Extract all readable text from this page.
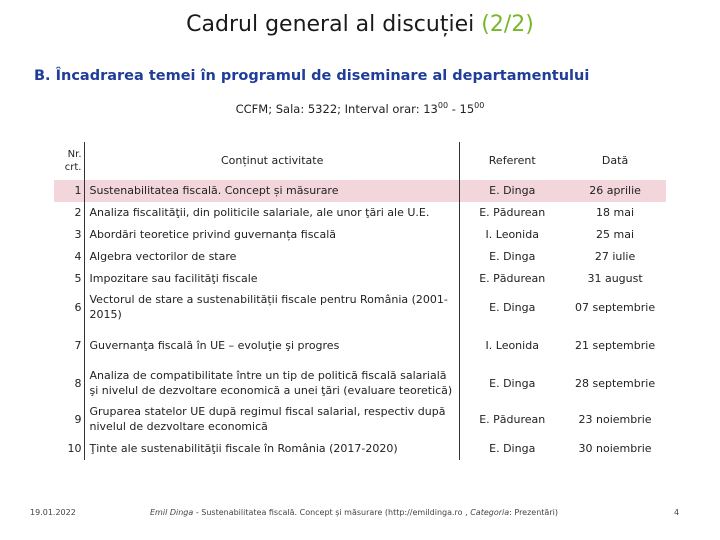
Cadrul general al discuției (2/2)
B. Încadrarea temei în programul de diseminare al departamentului
CCFM; Sala: 5322; Interval orar: $13^{00} - 15^{00}$
Nr. crt.	Conținut activitate	Referent	Dată
1	Sustenabilitatea fiscală. Concept și măsurare	E. Dinga	26 aprilie
2	Analiza fiscalităţii, din politicile salariale, ale unor ţări ale U.E.	E. Pădurean	18 mai
3	Abordări teoretice privind guvernanța fiscală	I. Leonida	25 mai
4	Algebra vectorilor de stare	E. Dinga	27 iulie
5	Impozitare sau facilităţi fiscale	E. Pădurean	31 august
6	Vectorul de stare a sustenabilității fiscale pentru România (2001-2015)	E. Dinga	07 septembrie
7	Guvernanţa fiscală în UE – evoluţie şi progres	I. Leonida	21 septembrie
8	Analiza de compatibilitate între un tip de politică fiscală salarială şi nivelul de dezvoltare economică a unei ţări (evaluare teoretică)	E. Dinga	28 septembrie
9	Gruparea statelor UE după regimul fiscal salarial, respectiv după nivelul de dezvoltare economică	E. Pădurean	23 noiembrie
10	Ţinte ale sustenabilităţii fiscale în România (2017-2020)	E. Dinga	30 noiembrie
19.01.2022	Emil Dinga - Sustenabilitatea fiscală. Concept și măsurare (http://emildinga.ro , Categoria: Prezentări)	4
